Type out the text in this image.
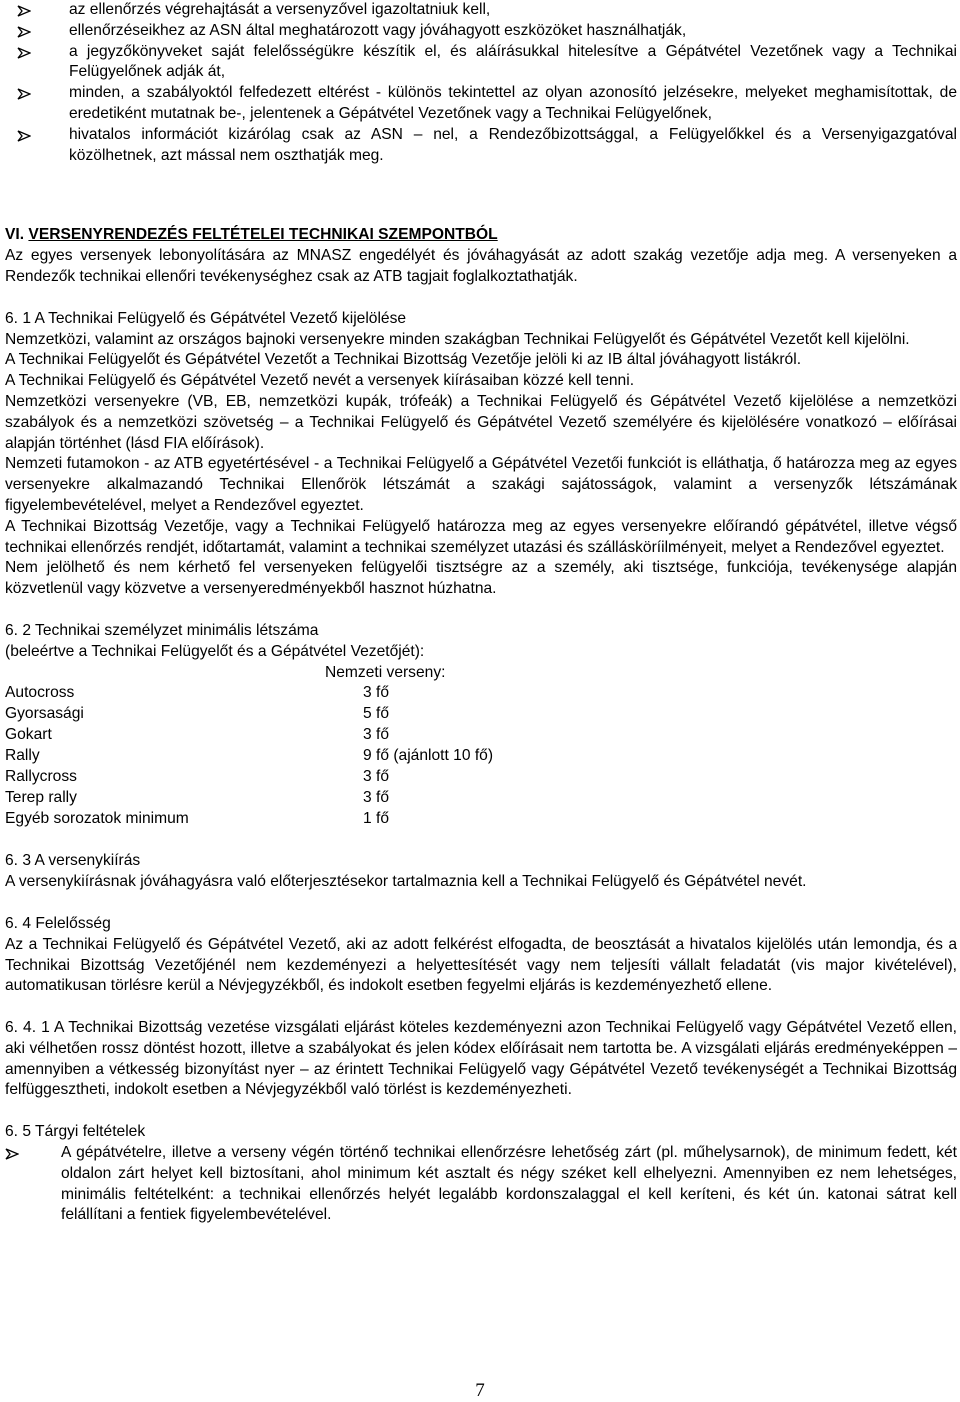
az ellenőrzés végrehajtását a versenyzővel igazoltatniuk kell,
ellenőrzéseikhez az ASN által meghatározott vagy jóváhagyott eszközöket használhatják,
a jegyzőkönyveket saját felelősségükre készítik el, és aláírásukkal hitelesítve a Gépátvétel Vezetőnek vagy a Technikai Felügyelőnek adják át,
minden, a szabályoktól felfedezett eltérést - különös tekintettel az olyan azonosító jelzésekre, melyeket meghamisítottak, de eredetiként mutatnak be-, jelentenek a Gépátvétel Vezetőnek vagy a Technikai Felügyelőnek,
hivatalos információt kizárólag csak az ASN – nel, a Rendezőbizottsággal, a Felügyelőkkel és a Versenyigazgatóval közölhetnek, azt mással nem oszthatják meg.
VI. VERSENYRENDEZÉS FELTÉTELEI TECHNIKAI SZEMPONTBÓL

Az egyes versenyek lebonyolítására az MNASZ engedélyét és jóváhagyását az adott szakág vezetője adja meg. A versenyeken a Rendezők technikai ellenőri tevékenységhez csak az ATB tagjait foglalkoztathatják.

6. 1 A Technikai Felügyelő és Gépátvétel Vezető kijelölése

Nemzetközi, valamint az országos bajnoki versenyekre minden szakágban Technikai Felügyelőt és Gépátvétel Vezetőt kell kijelölni.

A Technikai Felügyelőt és Gépátvétel Vezetőt a Technikai Bizottság Vezetője jelöli ki az IB által jóváhagyott listákról.

A Technikai Felügyelő és Gépátvétel Vezető nevét a versenyek kiírásaiban közzé kell tenni.

Nemzetközi versenyekre (VB, EB, nemzetközi kupák, trófeák) a Technikai Felügyelő és Gépátvétel Vezető kijelölése a nemzetközi szabályok és a nemzetközi szövetség – a Technikai Felügyelő és Gépátvétel Vezető személyére és kijelölésére vonatkozó – előírásai alapján történhet (lásd FIA előírások).

Nemzeti futamokon - az ATB egyetértésével - a Technikai Felügyelő a Gépátvétel Vezetői funkciót is elláthatja, ő határozza meg az egyes versenyekre alkalmazandó Technikai Ellenőrök létszámát a szakági sajátosságok, valamint a versenyzők létszámának figyelembevételével, melyet a Rendezővel egyeztet.

A Technikai Bizottság Vezetője, vagy a Technikai Felügyelő határozza meg az egyes versenyekre előírandó gépátvétel, illetve végső technikai ellenőrzés rendjét, időtartamát, valamint a technikai személyzet utazási és szállásköríilményeit, melyet a Rendezővel egyeztet.

Nem jelölhető és nem kérhető fel versenyeken felügyelői tisztségre az a személy, aki tisztsége, funkciója, tevékenysége alapján közvetlenül vagy közvetve a versenyeredményekből hasznot húzhatna.

6. 2 Technikai személyzet minimális létszáma

(beleértve a Technikai Felügyelőt és a Gépátvétel Vezetőjét):

Nemzeti verseny:
Autocross	3 fő
Gyorsasági	5 fő
Gokart	3 fő
Rally	9 fő (ajánlott 10 fő)
Rallycross	3 fő
Terep rally	3 fő
Egyéb sorozatok minimum	1 fő

6. 3 A versenykiírás

A versenykiírásnak jóváhagyásra való előterjesztésekor tartalmaznia kell a Technikai Felügyelő és Gépátvétel nevét.

6. 4 Felelősség

Az a Technikai Felügyelő és Gépátvétel Vezető, aki az adott felkérést elfogadta, de beosztását a hivatalos kijelölés után lemondja, és a Technikai Bizottság Vezetőjénél nem kezdeményezi a helyettesítését vagy nem teljesíti vállalt feladatát (vis major kivételével), automatikusan törlésre kerül a Névjegyzékből, és indokolt esetben fegyelmi eljárás is kezdeményezhető ellene.

6. 4. 1 A Technikai Bizottság vezetése vizsgálati eljárást köteles kezdeményezni azon Technikai Felügyelő vagy Gépátvétel Vezető ellen, aki vélhetően rossz döntést hozott, illetve a szabályokat és jelen kódex előírásait nem tartotta be. A vizsgálati eljárás eredményeképpen – amennyiben a vétkesség bizonyítást nyer – az érintett Technikai Felügyelő vagy Gépátvétel Vezető tevékenységét a Technikai Bizottság felfüggesztheti, indokolt esetben a Névjegyzékből való törlést is kezdeményezheti.

6. 5 Tárgyi feltételek

A gépátvételre, illetve a verseny végén történő technikai ellenőrzésre lehetőség zárt (pl. műhelysarnok), de minimum fedett, két oldalon zárt helyet kell biztosítani, ahol minimum két asztalt és négy széket kell elhelyezni. Amennyiben ez nem lehetséges, minimális feltételként: a technikai ellenőrzés helyét legalább kordonszalaggal el kell keríteni, és két ún. katonai sátrat kell felállítani a fentiek figyelembevételével.
7
